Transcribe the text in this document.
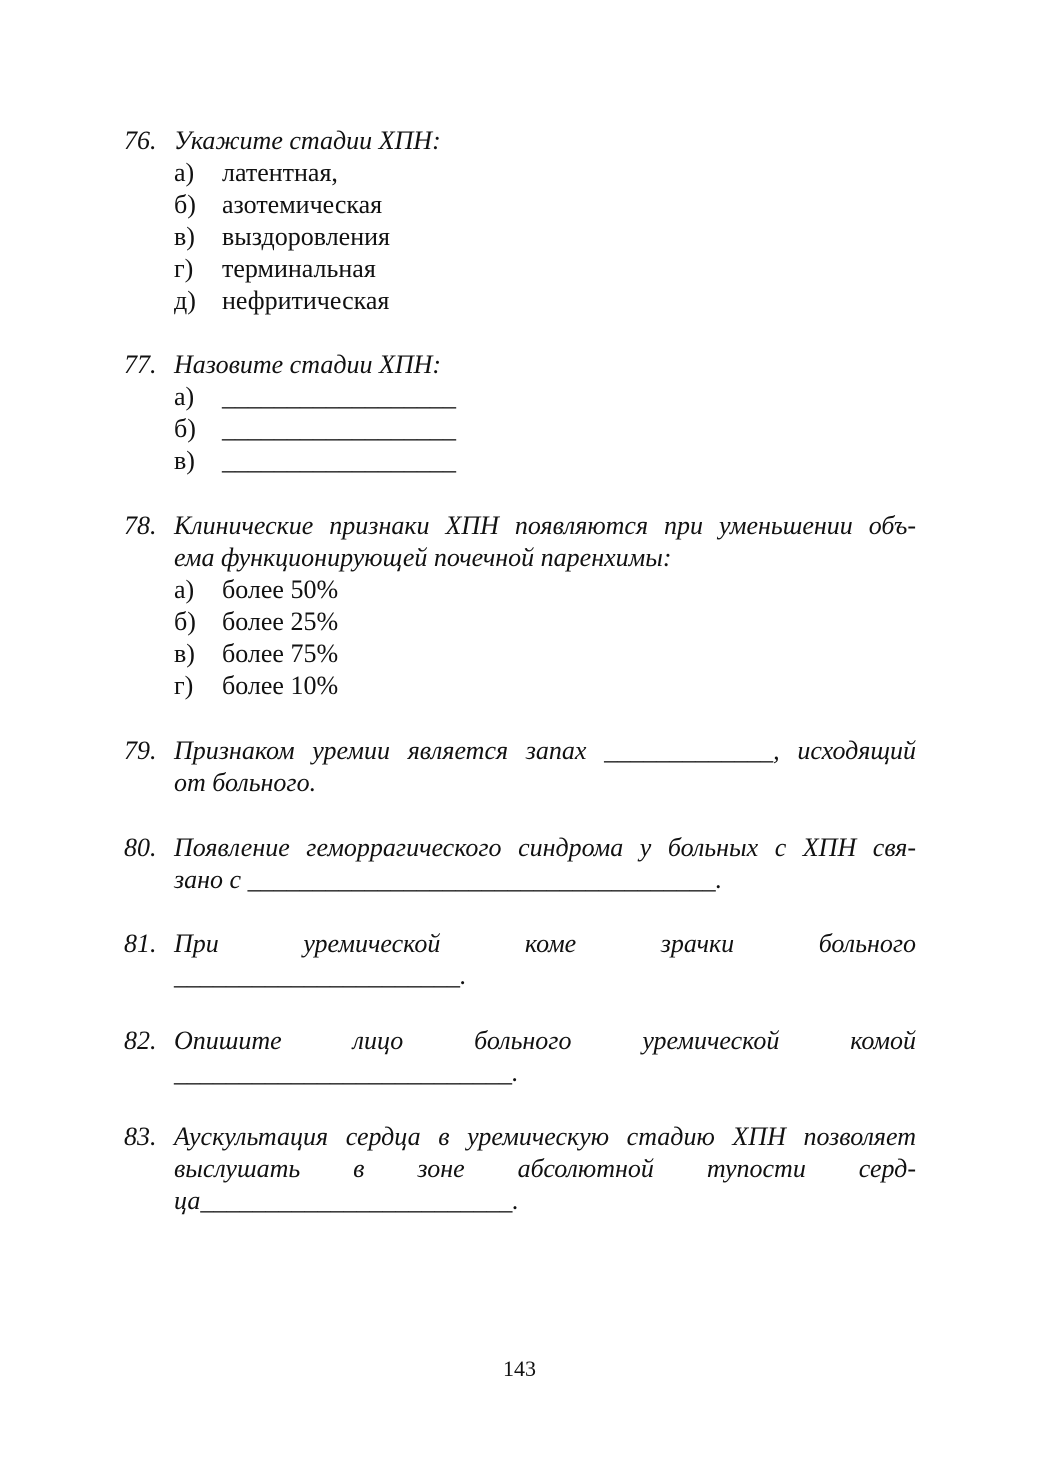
76. Укажите стадии ХПН:
а)	латентная,
б)	азотемическая
в)	выздоровления
г)	терминальная
д)	нефритическая
77. Назовите стадии ХПН:
а)	__________________
б)	__________________
в)	__________________
78. Клинические признаки ХПН появляются при уменьшении объ-
ема функционирующей почечной паренхимы:
а)	более 50%
б)	более 25%
в)	более 75%
г)	более 10%
79. Признаком уремии является запах _____________, исходящий
от больного.
80. Появление геморрагического синдрома у больных с ХПН свя-
зано с ____________________________________.
81. При уремической коме зрачки больного
______________________.
82. Опишите лицо больного уремической комой
__________________________.
83. Аускультация сердца в уремическую стадию ХПН позволяет
выслушать в зоне абсолютной тупости серд-
ца________________________.
143
